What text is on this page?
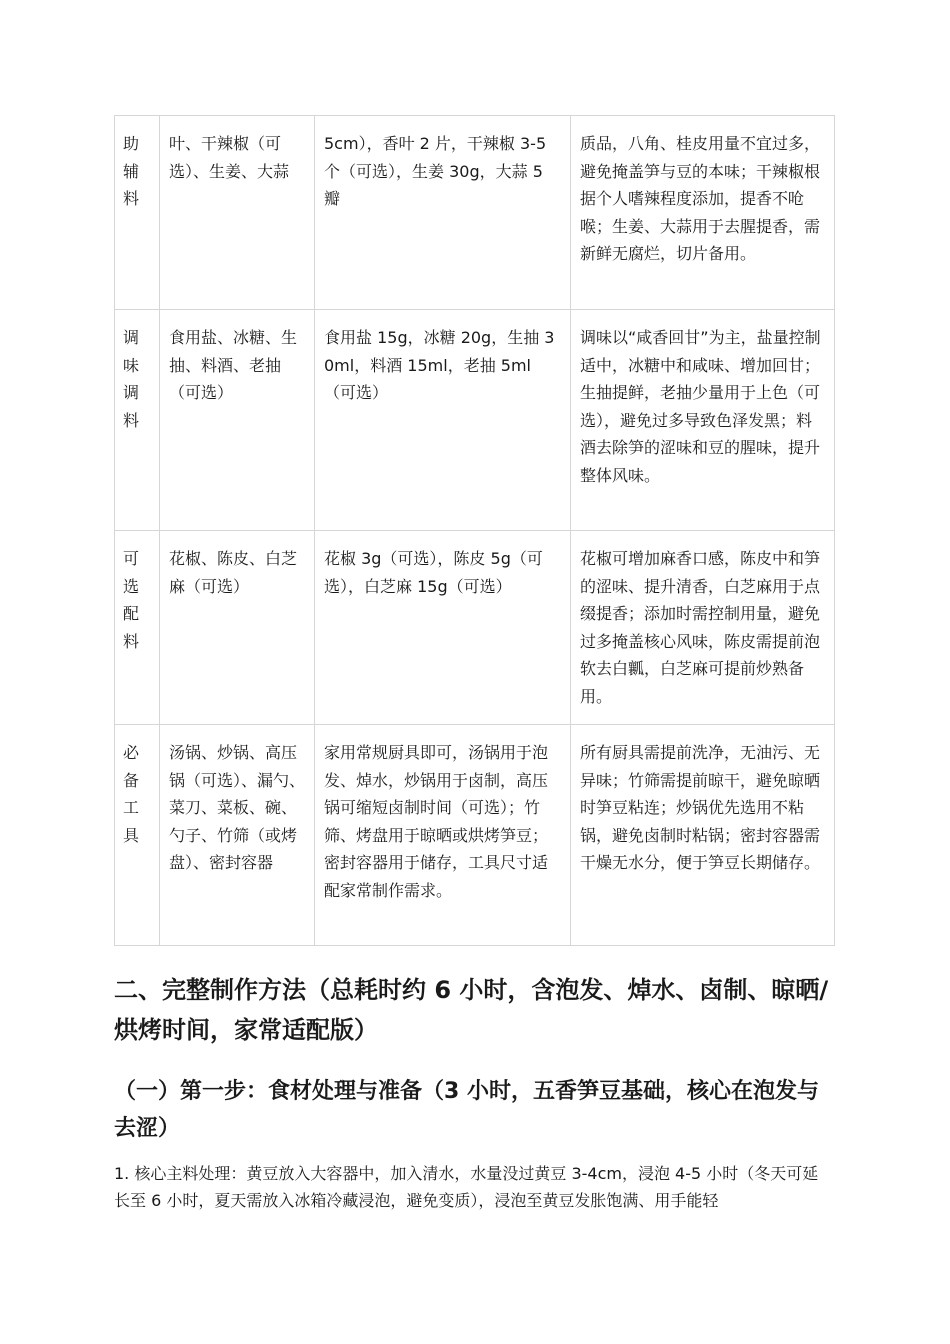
助辅料	叶、干辣椒（可选）、生姜、大蒜	5cm），香叶 2 片，干辣椒 3-5 个（可选），生姜 30g，大蒜 5 瓣	质品，八角、桂皮用量不宜过多，避免掩盖笋与豆的本味；干辣椒根据个人嗜辣程度添加，提香不呛喉；生姜、大蒜用于去腥提香，需新鲜无腐烂，切片备用。
调味调料	食用盐、冰糖、生抽、料酒、老抽（可选）	食用盐 15g，冰糖 20g，生抽 30ml，料酒 15ml，老抽 5ml（可选）	调味以“咸香回甘”为主，盐量控制适中，冰糖中和咸味、增加回甘；生抽提鲜，老抽少量用于上色（可选），避免过多导致色泽发黑；料酒去除笋的涩味和豆的腥味，提升整体风味。
可选配料	花椒、陈皮、白芝麻（可选）	花椒 3g（可选），陈皮 5g（可选），白芝麻 15g（可选）	花椒可增加麻香口感，陈皮中和笋的涩味、提升清香，白芝麻用于点缀提香；添加时需控制用量，避免过多掩盖核心风味，陈皮需提前泡软去白瓤，白芝麻可提前炒熟备用。
必备工具	汤锅、炒锅、高压锅（可选）、漏勺、菜刀、菜板、碗、勺子、竹筛（或烤盘）、密封容器	家用常规厨具即可，汤锅用于泡发、焯水，炒锅用于卤制，高压锅可缩短卤制时间（可选）；竹筛、烤盘用于晾晒或烘烤笋豆；密封容器用于储存，工具尺寸适配家常制作需求。	所有厨具需提前洗净，无油污、无异味；竹筛需提前晾干，避免晾晒时笋豆粘连；炒锅优先选用不粘锅，避免卤制时粘锅；密封容器需干燥无水分，便于笋豆长期储存。
二、完整制作方法（总耗时约 6 小时，含泡发、焯水、卤制、晾晒/烘烤时间，家常适配版）
（一）第一步：食材处理与准备（3 小时，五香笋豆基础，核心在泡发与去涩）

1. 核心主料处理：黄豆放入大容器中，加入清水，水量没过黄豆 3-4cm，浸泡 4-5 小时（冬天可延长至 6 小时，夏天需放入冰箱冷藏浸泡，避免变质），浸泡至黄豆发胀饱满、用手能轻
